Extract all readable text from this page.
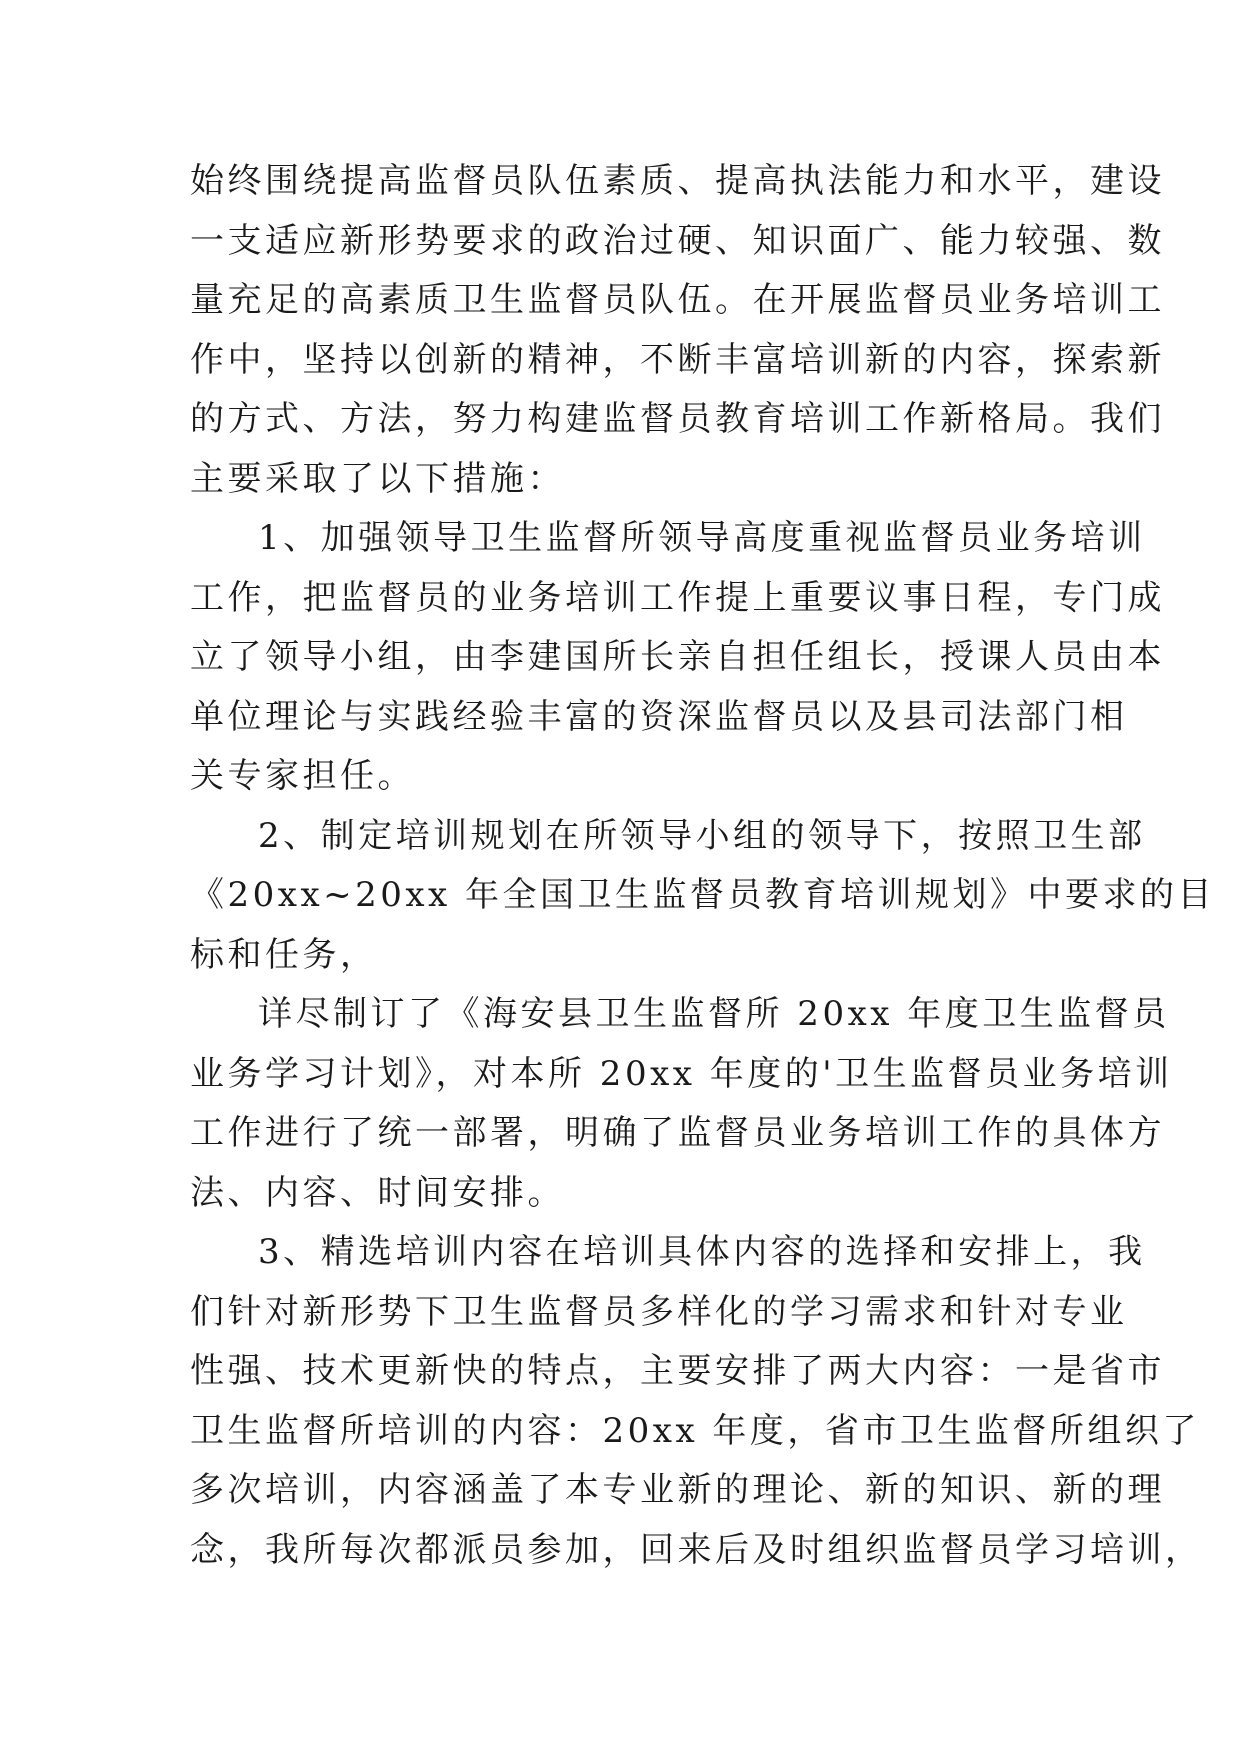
始终围绕提高监督员队伍素质、提高执法能力和水平，建设
一支适应新形势要求的政治过硬、知识面广、能力较强、数
量充足的高素质卫生监督员队伍。在开展监督员业务培训工
作中，坚持以创新的精神，不断丰富培训新的内容，探索新
的方式、方法，努力构建监督员教育培训工作新格局。我们
主要采取了以下措施：

1、加强领导卫生监督所领导高度重视监督员业务培训
工作，把监督员的业务培训工作提上重要议事日程，专门成
立了领导小组，由李建国所长亲自担任组长，授课人员由本
单位理论与实践经验丰富的资深监督员以及县司法部门相
关专家担任。

2、制定培训规划在所领导小组的领导下，按照卫生部
《20xx~20xx 年全国卫生监督员教育培训规划》中要求的目
标和任务，

详尽制订了《海安县卫生监督所 20xx 年度卫生监督员
业务学习计划》，对本所 20xx 年度的'卫生监督员业务培训
工作进行了统一部署，明确了监督员业务培训工作的具体方
法、内容、时间安排。

3、精选培训内容在培训具体内容的选择和安排上，我
们针对新形势下卫生监督员多样化的学习需求和针对专业
性强、技术更新快的特点，主要安排了两大内容：一是省市
卫生监督所培训的内容：20xx 年度，省市卫生监督所组织了
多次培训，内容涵盖了本专业新的理论、新的知识、新的理
念，我所每次都派员参加，回来后及时组织监督员学习培训，
